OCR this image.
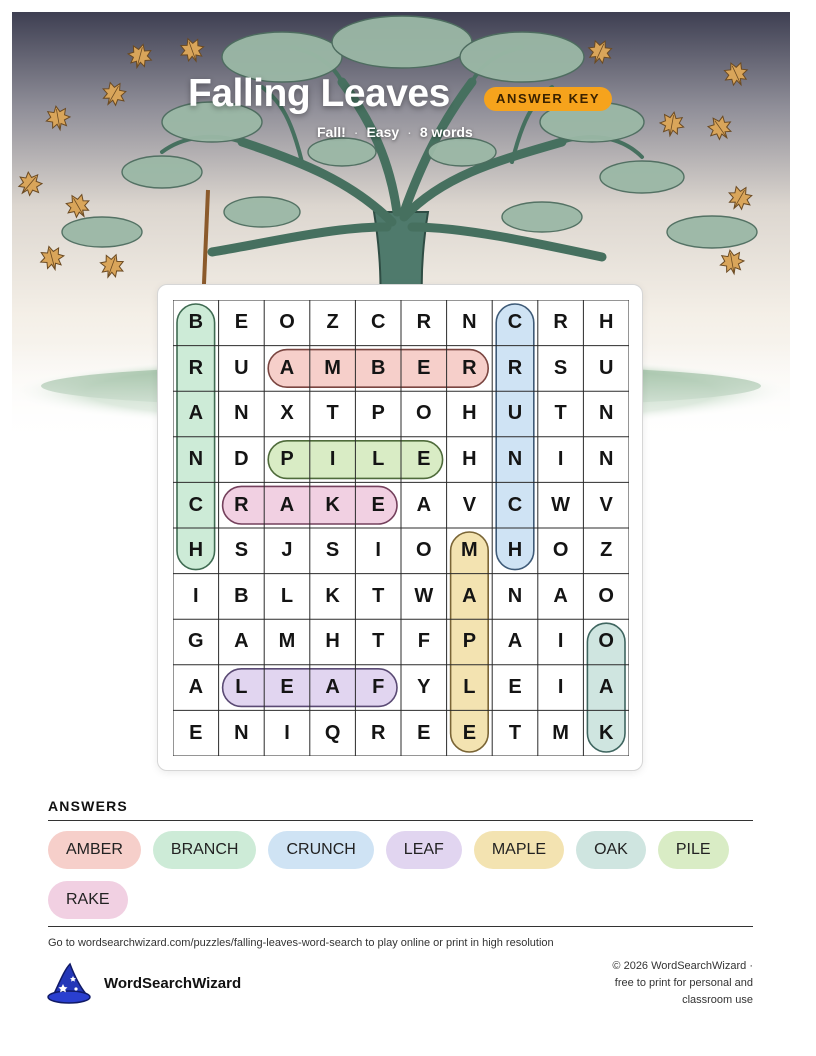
Falling Leaves	ANSWER KEY
Fall! · Easy · 8 words
B	E	O	Z	C	R	N	C	R	H
R	U	A	M	B	E	R	R	S	U
A	N	X	T	P	O	H	U	T	N
N	D	P	I	L	E	H	N	I	N
C	R	A	K	E	A	V	C	W	V
H	S	J	S	I	O	M	H	O	Z
I	B	L	K	T	W	A	N	A	O
G	A	M	H	T	F	P	A	I	O
A	L	E	A	F	Y	L	E	I	A
E	N	I	Q	R	E	E	T	M	K
ANSWERS
AMBER	BRANCH	CRUNCH	LEAF	MAPLE	OAK	PILE
RAKE
Go to wordsearchwizard.com/puzzles/falling-leaves-word-search to play online or print in high resolution
WordSearchWizard
© 2026 WordSearchWizard ·
free to print for personal and
classroom use
